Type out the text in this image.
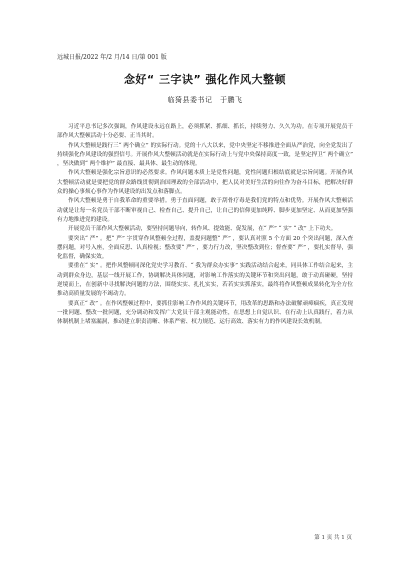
远城日报/2022 年/2 月/14 日/第 001 版
念好“ 三字诀” 强化作风大整顿
临猗县委书记　于鹏飞

习近平总书记多次强调，作风建设永远在路上，必须抓紧、抓细、抓长，持续努力、久久为功。在专项开展党员干部作风大整顿活动十分必要、正当其时。

作风大整顿是践行三“ 两个确立” 的实际行动。党的十八大以来，党中央坚定不移推进全面从严治党，向全党发出了持续强化作风建设的强烈信号。开展作风大整顿活动就是在实际行动上与党中央保持高度一致，是坚定捍卫“ 两个确立” ，坚决做到“ 两个维护” 最直接、最具体、最生动的体现。

作风大整顿是强化宗旨意识的必然要求。作风问题本质上是党性问题，党性问题归根结底就是宗旨问题。开展作风大整顿活动就是要把党的群众路线贯彻到治国理政的全部活动中，把人民对美好生活的向往作为奋斗目标，把解决好群众的操心事烦心事作为作风建设的出发点和落脚点。

作风大整顿是勇于自我革命的重要举措。勇于直面问题，敢于刮骨疗毒是我们党的特点和优势。开展作风大整顿活动就是让每一名党员干部不断审视自己、检查自己、提升自己，让自己的信仰更加纯粹、脚步更加坚定、从而更加坚强有力地推进党的建设。

开展党员干部作风大整顿活动，要坚持问题导向，转作风、提效能、促发展，在“ 严” “ 实” “ 改” 上下功夫。

要突出“ 严” 。把“ 严” 字贯穿作风整顿全过程，盖提问题整“ 严” ，要认真对照 5 个方面 20 个突出问题，深入查摆问题，对号入座，全面反思、认真检视；整改要“ 严” ，要力行力改，坚决整改到位；督查要“ 严” ，要扎实督导，强化监督，确保实效。

要重在“ 实” 。把作风整顿同深化党史学习教育、“ 我为群众办实事” 实践活动结合起来，同具体工作结合起来，主动到群众身边，基层一线开展工作，协调解决具体问题，对影响工作落实的关键环节和突出问题，敢于动真碰硬，坚持逆境而上，在创新中寻找解决问题的方法，围绕实实、扎扎实实，若若实实抓落实，最终将作风整顿成果转化为全方位推动高质量发展的不竭动力。

要真正“ 改” 。在作风整顿过程中，要抓住影响工作作风的关键环节，用改革的思路和办法破解顽瘴痼疾，真正发现一批问题、整改一批问题，充分调动和发挥广大党员干部主观能动性，在思想上自觉认识、在行动上认真践行，着力从体制机制上堵塞漏洞，推动建立职责清晰、体系严密、权力规范、运行高效、落实有力的作风建设长效机制。

第 1 页 共 1 页
